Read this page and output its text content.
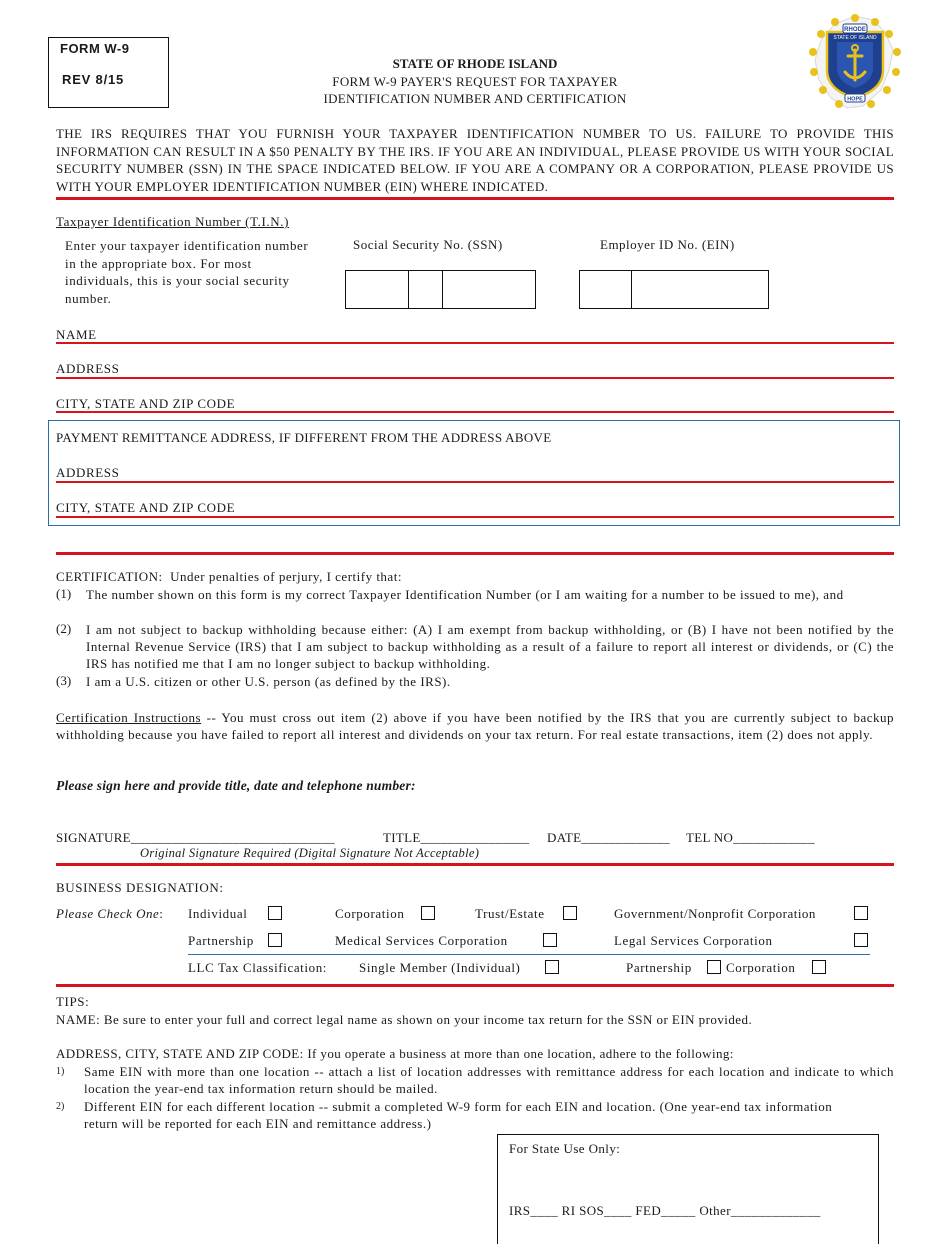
FORM W-9
REV 8/15
STATE OF RHODE ISLAND
FORM W-9 PAYER'S REQUEST FOR TAXPAYER
IDENTIFICATION NUMBER AND CERTIFICATION
RHODE
STATE OF ISLAND
HOPE
THE IRS REQUIRES THAT YOU FURNISH YOUR TAXPAYER IDENTIFICATION NUMBER TO US. FAILURE TO PROVIDE THIS INFORMATION CAN RESULT IN A $50 PENALTY BY THE IRS. IF YOU ARE AN INDIVIDUAL, PLEASE PROVIDE US WITH YOUR SOCIAL SECURITY NUMBER (SSN) IN THE SPACE INDICATED BELOW. IF YOU ARE A COMPANY OR A CORPORATION, PLEASE PROVIDE US WITH YOUR EMPLOYER IDENTIFICATION NUMBER (EIN) WHERE INDICATED.
Taxpayer Identification Number (T.I.N.)
Enter your taxpayer identification number in the appropriate box. For most individuals, this is your social security number.
Social Security No. (SSN)	Employer ID No. (EIN)
NAME
ADDRESS
CITY, STATE AND ZIP CODE
PAYMENT REMITTANCE ADDRESS, IF DIFFERENT FROM THE ADDRESS ABOVE
ADDRESS
CITY, STATE AND ZIP CODE
CERTIFICATION:  Under penalties of perjury, I certify that:
(1) The number shown on this form is my correct Taxpayer Identification Number (or I am waiting for a number to be issued to me), and
(2) I am not subject to backup withholding because either: (A) I am exempt from backup withholding, or (B) I have not been notified by the Internal Revenue Service (IRS) that I am subject to backup withholding as a result of a failure to report all interest or dividends, or (C) the IRS has notified me that I am no longer subject to backup withholding.
(3) I am a U.S. citizen or other U.S. person (as defined by the IRS).
Certification Instructions -- You must cross out item (2) above if you have been notified by the IRS that you are currently subject to backup withholding because you have failed to report all interest and dividends on your tax return. For real estate transactions, item (2) does not apply.
Please sign here and provide title, date and telephone number:
SIGNATURE______________________________	TITLE________________ DATE_____________ TEL NO____________
Original Signature Required (Digital Signature Not Acceptable)
BUSINESS DESIGNATION:
Please Check One: Individual	Corporation	Trust/Estate	Government/Nonprofit Corporation
Partnership	Medical Services Corporation	Legal Services Corporation
LLC Tax Classification: Single Member (Individual)	Partnership	Corporation
TIPS:
NAME: Be sure to enter your full and correct legal name as shown on your income tax return for the SSN or EIN provided.
ADDRESS, CITY, STATE AND ZIP CODE: If you operate a business at more than one location, adhere to the following:
1) Same EIN with more than one location -- attach a list of location addresses with remittance address for each location and indicate to which location the year-end tax information return should be mailed.
2) Different EIN for each different location -- submit a completed W-9 form for each EIN and location. (One year-end tax information return will be reported for each EIN and remittance address.)
For State Use Only:
IRS____ RI SOS____ FED_____ Other_____________
